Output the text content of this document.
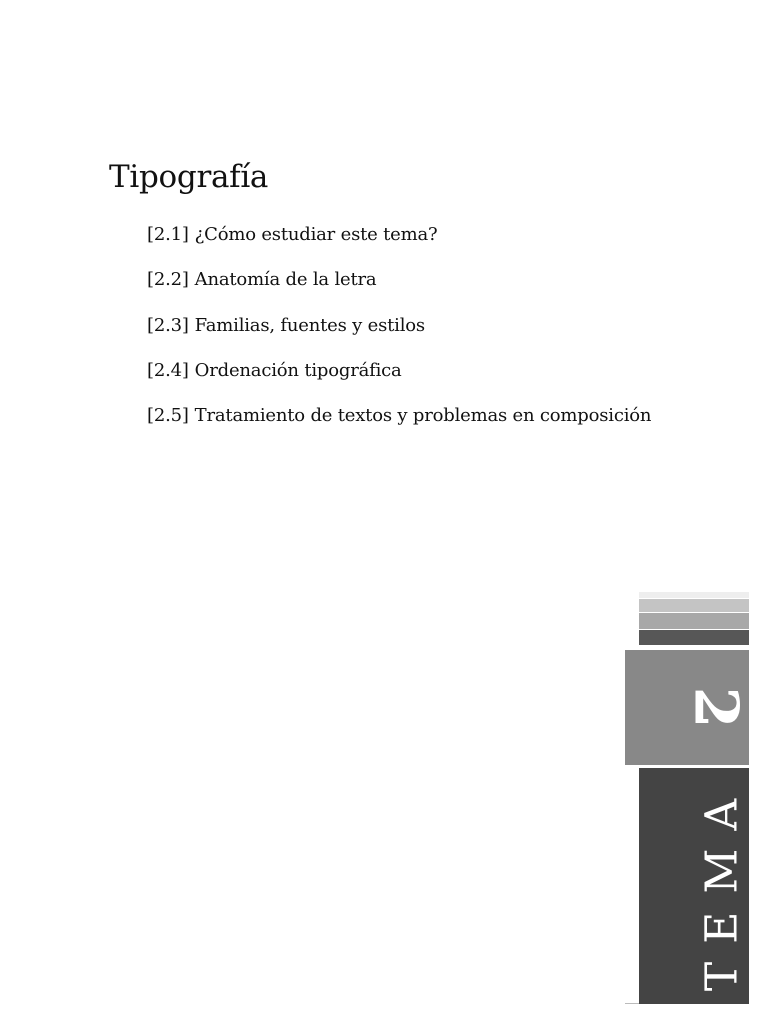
Tipografía
[2.1] ¿Cómo estudiar este tema?
[2.2] Anatomía de la letra
[2.3] Familias, fuentes y estilos
[2.4] Ordenación tipográfica
[2.5] Tratamiento de textos y problemas en composición
2
TEMA
